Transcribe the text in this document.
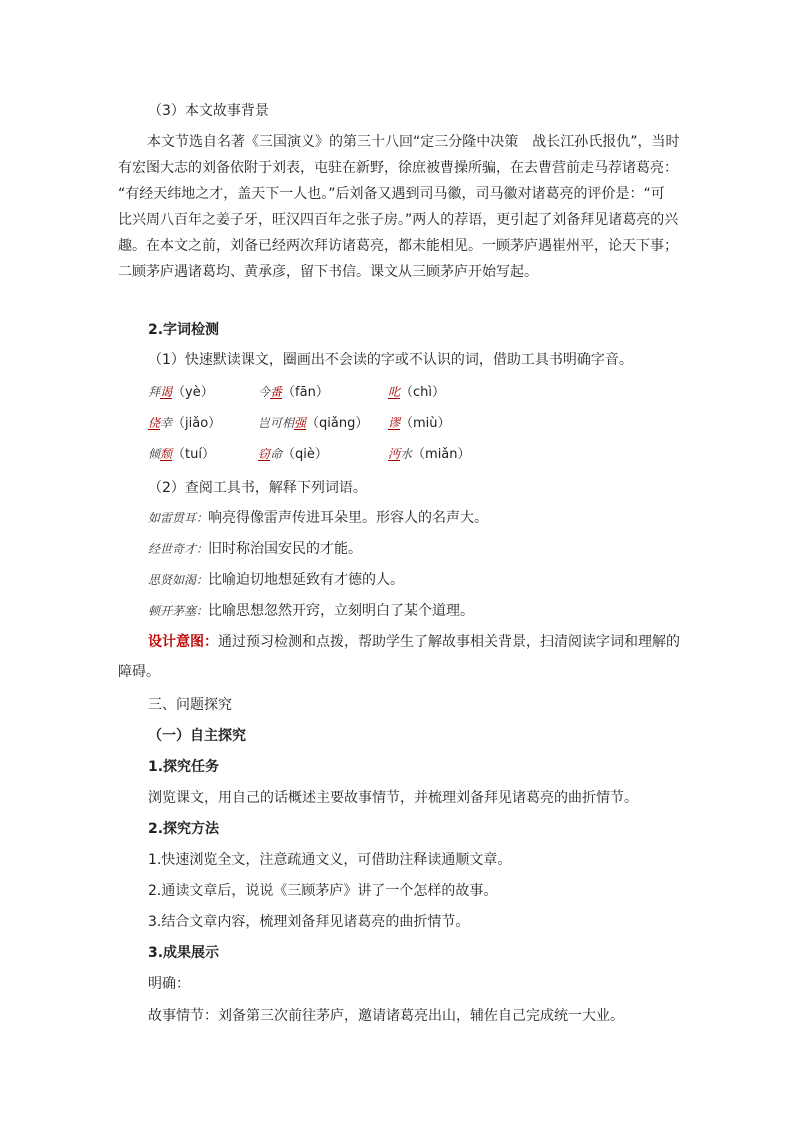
（3）本文故事背景
本文节选自名著《三国演义》的第三十八回“定三分隆中决策　战长江孙氏报仇”，当时
有宏图大志的刘备依附于刘表，屯驻在新野，徐庶被曹操所骗，在去曹营前走马荐诸葛亮：
“有经天纬地之才，盖天下一人也。”后刘备又遇到司马徽，司马徽对诸葛亮的评价是：“可
比兴周八百年之姜子牙，旺汉四百年之张子房。”两人的荐语，更引起了刘备拜见诸葛亮的兴
趣。在本文之前，刘备已经两次拜访诸葛亮，都未能相见。一顾茅庐遇崔州平，论天下事；
二顾茅庐遇诸葛均、黄承彦，留下书信。课文从三顾茅庐开始写起。
2.字词检测
（1）快速默读课文，圈画出不会读的字或不认识的词，借助工具书明确字音。
拜谒（yè）	今番（fān）	叱（chì）
侥幸（jiǎo）	岂可相强（qiǎng） 谬（miù）
倾颓（tuí）	窃命（qiè）	沔水（miǎn）
（2）查阅工具书，解释下列词语。
如雷贯耳：响亮得像雷声传进耳朵里。形容人的名声大。
经世奇才：旧时称治国安民的才能。
思贤如渴：比喻迫切地想延致有才德的人。
顿开茅塞：比喻思想忽然开窍，立刻明白了某个道理。
设计意图：通过预习检测和点拨，帮助学生了解故事相关背景，扫清阅读字词和理解的
障碍。
三、问题探究
（一）自主探究
1.探究任务
浏览课文，用自己的话概述主要故事情节，并梳理刘备拜见诸葛亮的曲折情节。
2.探究方法
1.快速浏览全文，注意疏通文义，可借助注释读通顺文章。
2.通读文章后，说说《三顾茅庐》讲了一个怎样的故事。
3.结合文章内容，梳理刘备拜见诸葛亮的曲折情节。
3.成果展示
明确：
故事情节：刘备第三次前往茅庐，邀请诸葛亮出山，辅佐自己完成统一大业。
